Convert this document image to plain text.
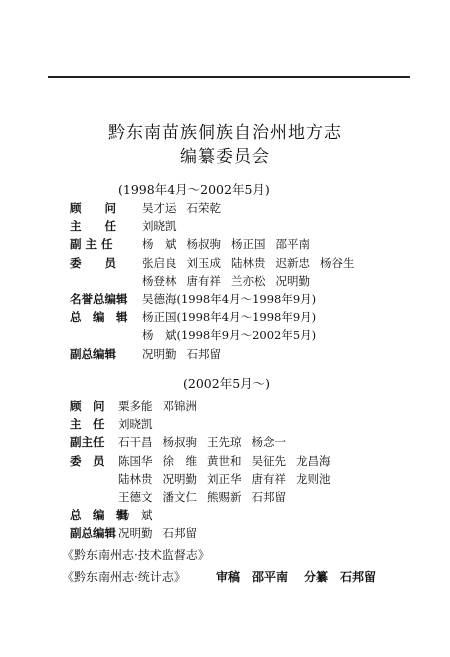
黔东南苗族侗族自治州地方志
编纂委员会
(1998年4月～2002年5月)
顾　　问 吴才运 石荣乾
主　　任 刘晓凯
副 主 任	杨　斌 杨叔驹 杨正国 邵平南
委　　员 张启良 刘玉成 陆林贵 迟新忠 杨谷生
杨登林 唐有祥 兰亦松 况明勤
名誉总编辑 吴德海(1998年4月～1998年9月)
总　编　辑 杨正国(1998年4月～1998年9月)
杨　斌(1998年9月～2002年5月)
副总编辑 况明勤 石邦留
(2002年5月～)
顾　问 粟多能 邓锦洲
主　任 刘晓凯
副主任 石干昌 杨叔驹 王先琼 杨念一
委　员 陈国华 徐　维 黄世和 吴征先 龙昌海
陆林贵 况明勤 刘正华 唐有祥 龙则池
王德文 潘文仁 熊赐新 石邦留
总　编　辑
杨　斌
副总编辑 况明勤 石邦留
《黔东南州志·技术监督志》
《黔东南州志·统计志》	审稿 邵平南 分纂 石邦留
